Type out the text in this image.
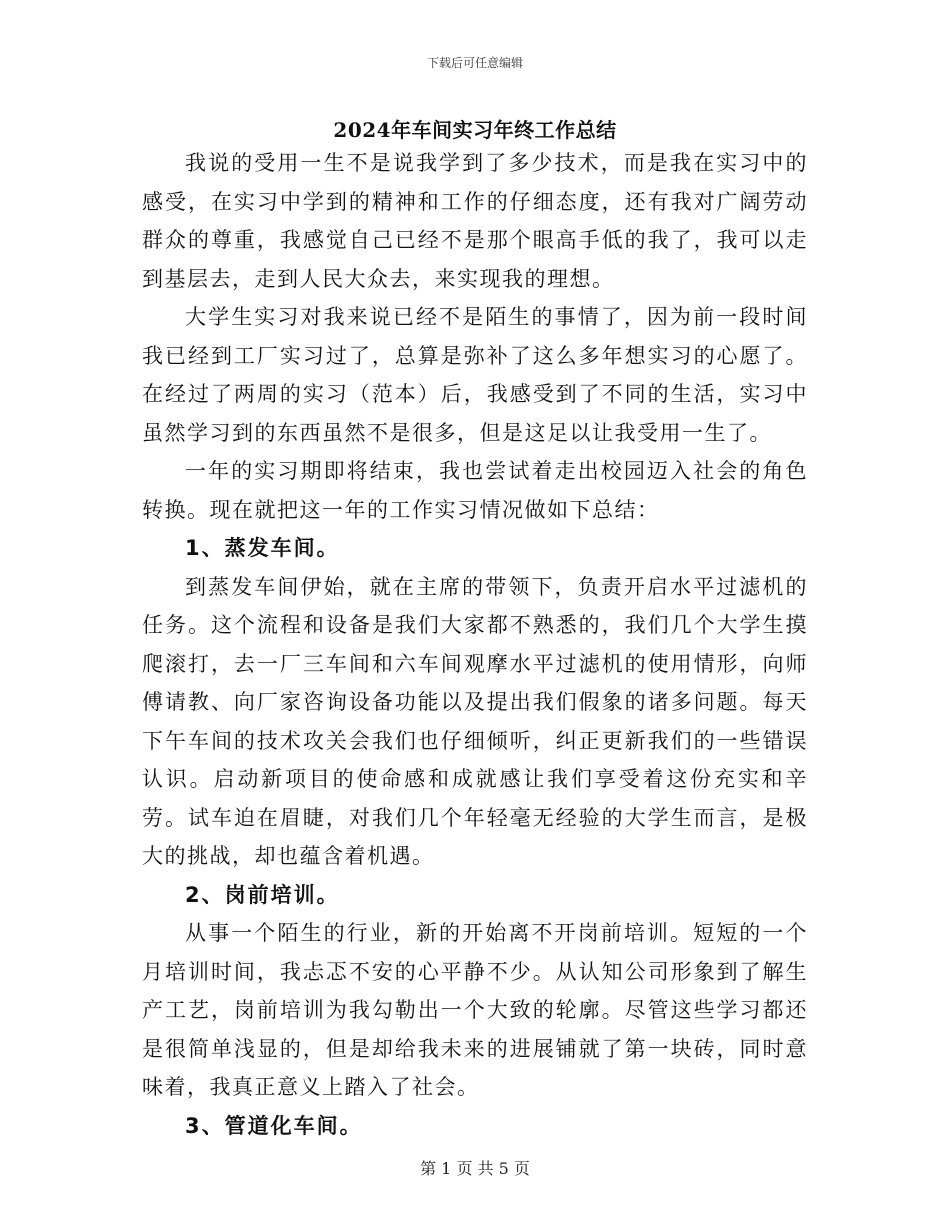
下载后可任意编辑
2024年车间实习年终工作总结

我说的受用一生不是说我学到了多少技术，而是我在实习中的感受，在实习中学到的精神和工作的仔细态度，还有我对广阔劳动群众的尊重，我感觉自己已经不是那个眼高手低的我了，我可以走到基层去，走到人民大众去，来实现我的理想。

大学生实习对我来说已经不是陌生的事情了，因为前一段时间我已经到工厂实习过了，总算是弥补了这么多年想实习的心愿了。在经过了两周的实习（范本）后，我感受到了不同的生活，实习中虽然学习到的东西虽然不是很多，但是这足以让我受用一生了。

一年的实习期即将结束，我也尝试着走出校园迈入社会的角色转换。现在就把这一年的工作实习情况做如下总结：

1、蒸发车间。

到蒸发车间伊始，就在主席的带领下，负责开启水平过滤机的任务。这个流程和设备是我们大家都不熟悉的，我们几个大学生摸爬滚打，去一厂三车间和六车间观摩水平过滤机的使用情形，向师傅请教、向厂家咨询设备功能以及提出我们假象的诸多问题。每天下午车间的技术攻关会我们也仔细倾听，纠正更新我们的一些错误认识。启动新项目的使命感和成就感让我们享受着这份充实和辛劳。试车迫在眉睫，对我们几个年轻毫无经验的大学生而言，是极大的挑战，却也蕴含着机遇。

2、岗前培训。

从事一个陌生的行业，新的开始离不开岗前培训。短短的一个月培训时间，我忐忑不安的心平静不少。从认知公司形象到了解生产工艺，岗前培训为我勾勒出一个大致的轮廓。尽管这些学习都还是很简单浅显的，但是却给我未来的进展铺就了第一块砖，同时意味着，我真正意义上踏入了社会。

3、管道化车间。

第 1 页 共 5 页
